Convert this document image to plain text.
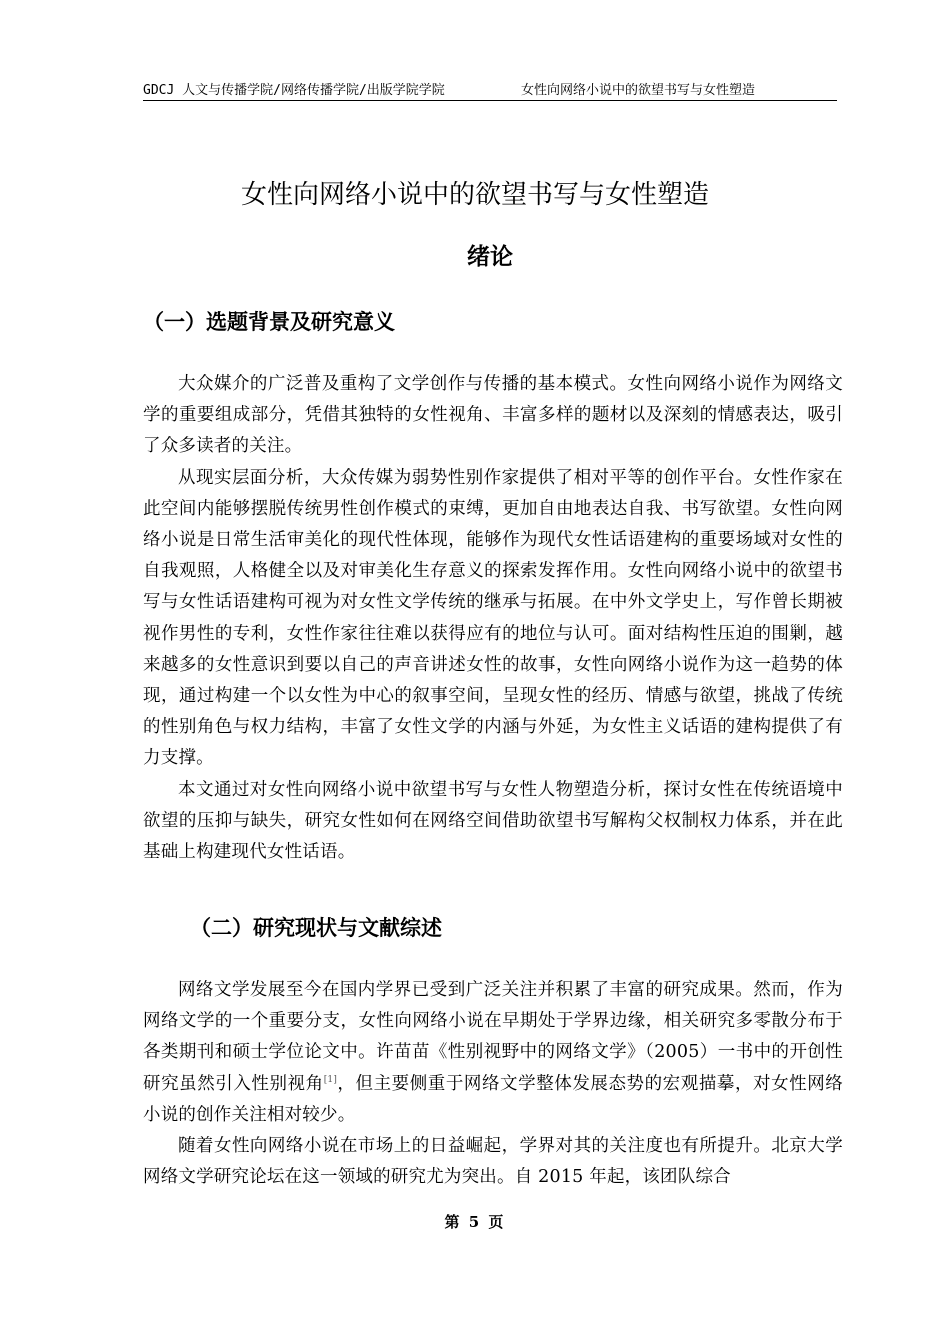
GDCJ 人文与传播学院/网络传播学院/出版学院学院	女性向网络小说中的欲望书写与女性塑造
女性向网络小说中的欲望书写与女性塑造
绪论
（一）选题背景及研究意义

大众媒介的广泛普及重构了文学创作与传播的基本模式。女性向网络小说作为网络文学的重要组成部分，凭借其独特的女性视角、丰富多样的题材以及深刻的情感表达，吸引了众多读者的关注。

从现实层面分析，大众传媒为弱势性别作家提供了相对平等的创作平台。女性作家在此空间内能够摆脱传统男性创作模式的束缚，更加自由地表达自我、书写欲望。女性向网络小说是日常生活审美化的现代性体现，能够作为现代女性话语建构的重要场域对女性的自我观照，人格健全以及对审美化生存意义的探索发挥作用。女性向网络小说中的欲望书写与女性话语建构可视为对女性文学传统的继承与拓展。在中外文学史上，写作曾长期被视作男性的专利，女性作家往往难以获得应有的地位与认可。面对结构性压迫的围剿，越来越多的女性意识到要以自己的声音讲述女性的故事，女性向网络小说作为这一趋势的体现，通过构建一个以女性为中心的叙事空间，呈现女性的经历、情感与欲望，挑战了传统的性别角色与权力结构，丰富了女性文学的内涵与外延，为女性主义话语的建构提供了有力支撑。

本文通过对女性向网络小说中欲望书写与女性人物塑造分析，探讨女性在传统语境中欲望的压抑与缺失，研究女性如何在网络空间借助欲望书写解构父权制权力体系，并在此基础上构建现代女性话语。

（二）研究现状与文献综述

网络文学发展至今在国内学界已受到广泛关注并积累了丰富的研究成果。然而，作为网络文学的一个重要分支，女性向网络小说在早期处于学界边缘，相关研究多零散分布于各类期刊和硕士学位论文中。许苗苗《性别视野中的网络文学》（2005）一书中的开创性研究虽然引入性别视角[1]，但主要侧重于网络文学整体发展态势的宏观描摹，对女性网络小说的创作关注相对较少。

随着女性向网络小说在市场上的日益崛起，学界对其的关注度也有所提升。北京大学网络文学研究论坛在这一领域的研究尤为突出。自 2015 年起，该团队综合

第 5 页
